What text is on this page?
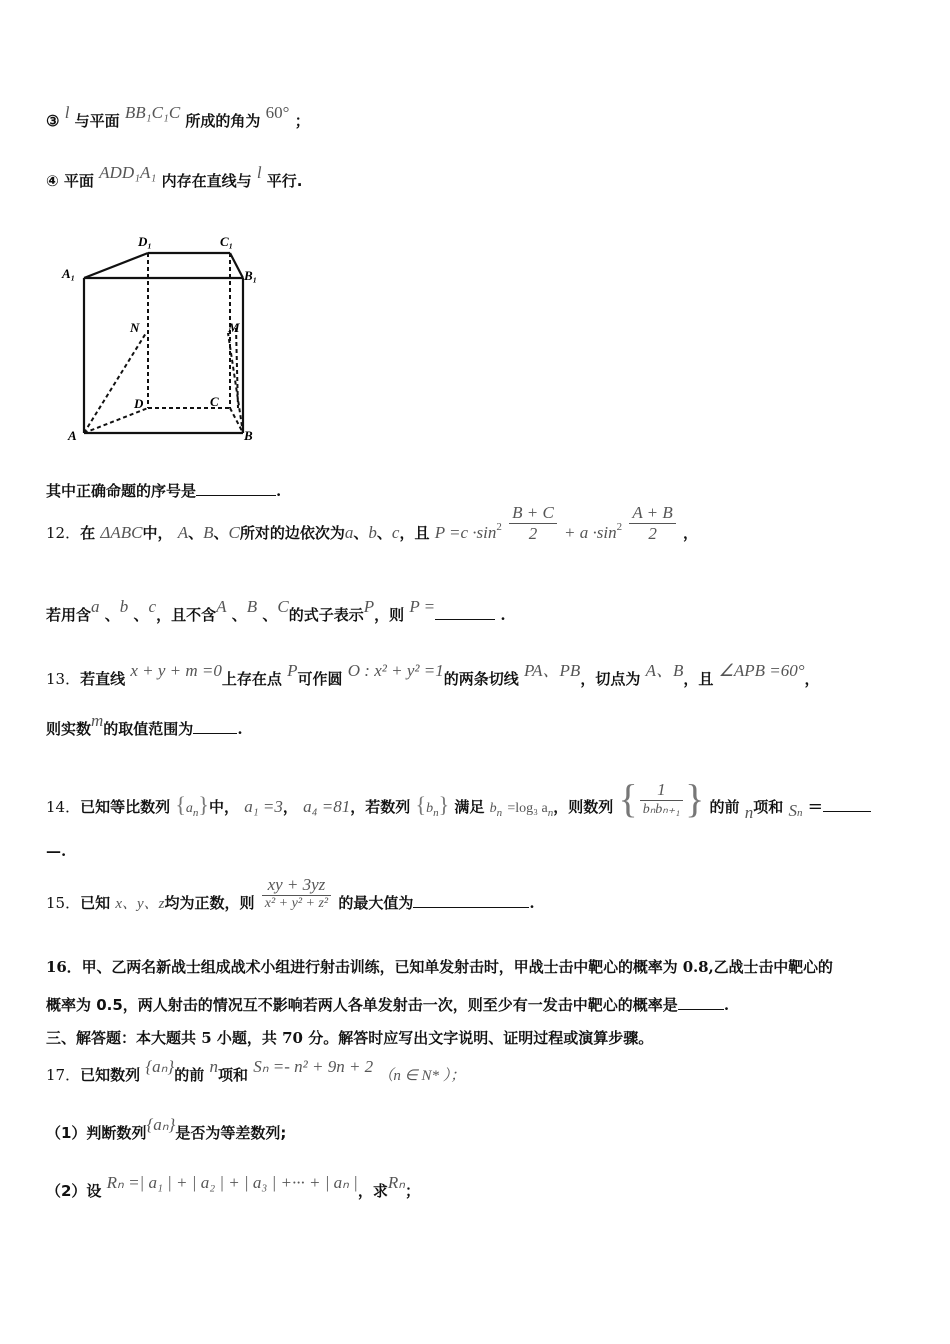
③ l 与平面 BB₁C₁C 所成的角为 60° ；
④ 平面 ADD₁A₁ 内存在直线与 l 平行.
A₁
D₁	C₁
B₁
N	M
D	C
A	B
其中正确命题的序号是	.
12．在 ΔABC中， A、B、C所对的边依次为a、b、c，且 $P =c \cdot\sin^2 \frac{B + C}{2} + a \cdot\sin^2 \frac{A + B}{2}$ ，
若用含a 、b 、c，且不含A 、B 、C的式子表示P，则 P =	.
13．若直线 x + y + m =0上存在点 P可作圆 O : x² + y² =1的两条切线 PA、PB，切点为 A、B，且 ∠APB =60°，
则实数m的取值范围为	.
14．已知等比数列 $\{a_n\}$中， a₁ =3， a₄ =81，若数列 $\{b_n\}$ 满足 $b_n =\log_3$ $a_n$，则数列 { $\frac{1}{\text{bₙbₙ₊₁}}$ } 的前 n项和 $S_n$ =
—.
15．已知 x、y、z均为正数，则 $\frac{xy + 3yz}{\text{x² + y² + z²}}$ 的最大值为	.
16．甲、乙两名新战士组成战术小组进行射击训练，已知单发射击时，甲战士击中靶心的概率为 0.8,乙战士击中靶心的
概率为 0.5，两人射击的情况互不影响若两人各单发射击一次，则至少有一发击中靶心的概率是	.
三、解答题：本大题共 5 小题，共 70 分。解答时应写出文字说明、证明过程或演算步骤。
17．已知数列 {aₙ}的前 n项和 Sₙ =- n² + 9n + 2 （n ∈ N* ）；
（1）判断数列{aₙ}是否为等差数列;
（2）设 Rₙ =| a₁ | + | a₂ | + | a₃ | +··· + | aₙ |，求Rₙ；
